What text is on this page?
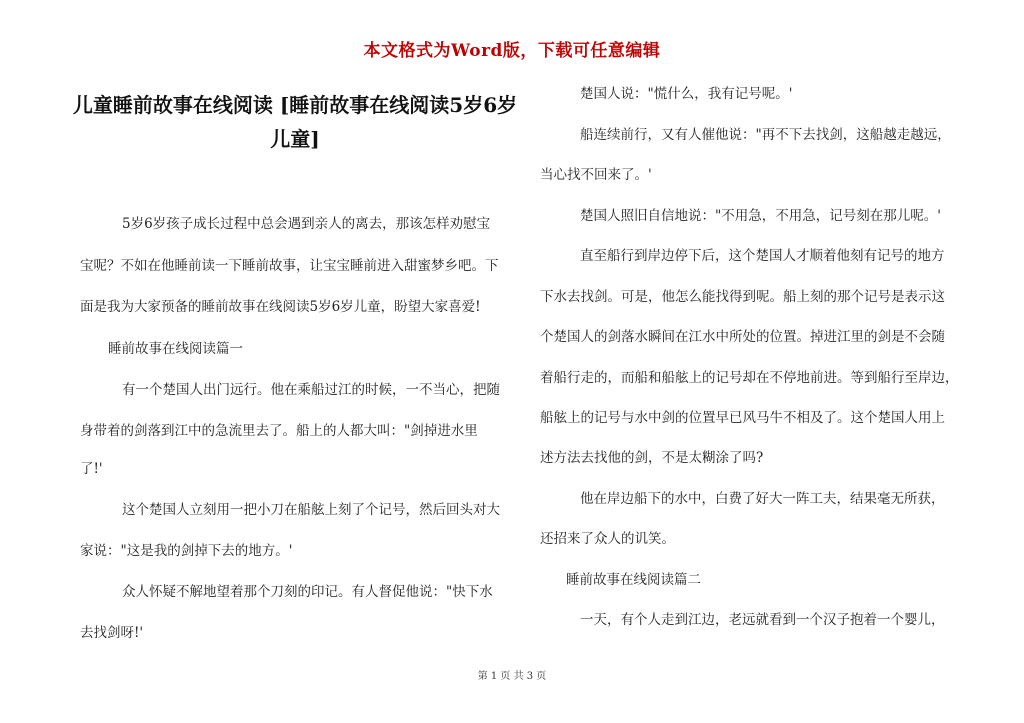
本文格式为Word版，下载可任意编辑
儿童睡前故事在线阅读 [睡前故事在线阅读5岁6岁
儿童]
5岁6岁孩子成长过程中总会遇到亲人的离去，那该怎样劝慰宝
宝呢？不如在他睡前读一下睡前故事，让宝宝睡前进入甜蜜梦乡吧。下
面是我为大家预备的睡前故事在线阅读5岁6岁儿童，盼望大家喜爱!
睡前故事在线阅读篇一
有一个楚国人出门远行。他在乘船过江的时候，一不当心，把随
身带着的剑落到江中的急流里去了。船上的人都大叫："剑掉进水里
了!'
这个楚国人立刻用一把小刀在船舷上刻了个记号，然后回头对大
家说："这是我的剑掉下去的地方。'
众人怀疑不解地望着那个刀刻的印记。有人督促他说："快下水
去找剑呀!'
楚国人说："慌什么，我有记号呢。'
船连续前行，又有人催他说："再不下去找剑，这船越走越远，
当心找不回来了。'
楚国人照旧自信地说："不用急，不用急，记号刻在那儿呢。'
直至船行到岸边停下后，这个楚国人才顺着他刻有记号的地方
下水去找剑。可是，他怎么能找得到呢。船上刻的那个记号是表示这
个楚国人的剑落水瞬间在江水中所处的位置。掉进江里的剑是不会随
着船行走的，而船和船舷上的记号却在不停地前进。等到船行至岸边，
船舷上的记号与水中剑的位置早已风马牛不相及了。这个楚国人用上
述方法去找他的剑，不是太糊涂了吗?
他在岸边船下的水中，白费了好大一阵工夫，结果毫无所获，
还招来了众人的讥笑。
睡前故事在线阅读篇二
一天，有个人走到江边，老远就看到一个汉子抱着一个婴儿，
第 1 页 共 3 页
